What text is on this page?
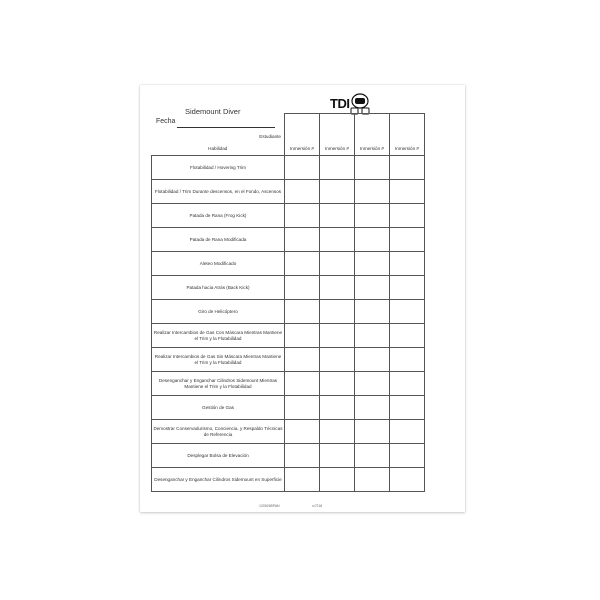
Sidemount Diver
Fecha
TDI
Estudiante
Habilidad	Inmersión #	Inmersión #	Inmersión #	Inmersión #
Flotabilidad / Hovering Trim				
Flotabilidad / Trim Durante descensos, en el Fondo, Ascensos				
Patada de Rana (Frog Kick)				
Patada de Rana Modificada				
Aleteo Modificado				
Patada hacia Atrás (Back Kick)				
Giro de Helicóptero				
Realizar Intercambios de Gas Con Máscara Mientras Mantiene el Trim y la Flotabilidad				
Realizar Intercambios de Gas Sin Máscara Mientras Mantiene el Trim y la Flotabilidad				
Desenganchar y Enganchar Cilindros Sidemount Mientras Mantiene el Trim y la Flotabilidad				
Gestión de Gas				
Demostrar Conservadurismo, Conciencia, y Respaldo Técnicas de Referencia				
Desplegar Bolsa de Elevación				
Desenganchar y Enganchar Cilindros Sidemount en Superficie				
1205265PAN	v.0716
